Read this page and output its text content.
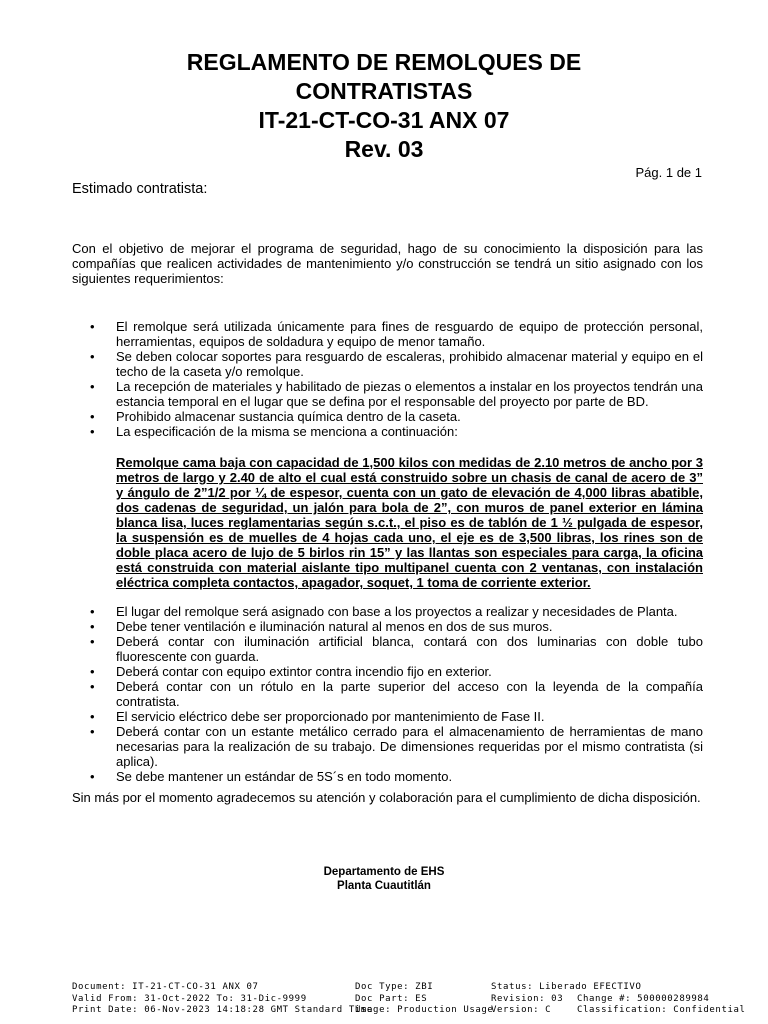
REGLAMENTO DE REMOLQUES DE
CONTRATISTAS
IT-21-CT-CO-31 ANX 07
Rev. 03
Pág. 1 de 1
Estimado contratista:

Con el objetivo de mejorar el programa de seguridad, hago de su conocimiento la disposición para las compañías que realicen actividades de mantenimiento y/o construcción se tendrá un sitio asignado con los siguientes requerimientos:

• El remolque será utilizada únicamente para fines de resguardo de equipo de protección personal, herramientas, equipos de soldadura y equipo de menor tamaño.
• Se deben colocar soportes para resguardo de escaleras, prohibido almacenar material y equipo en el techo de la caseta y/o remolque.
• La recepción de materiales y habilitado de piezas o elementos a instalar en los proyectos tendrán una estancia temporal en el lugar que se defina por el responsable del proyecto por parte de BD.
• Prohibido almacenar sustancia química dentro de la caseta.
• La especificación de la misma se menciona a continuación:

Remolque cama baja con capacidad de 1,500 kilos con medidas de 2.10 metros de ancho por 3 metros de largo y 2.40 de alto el cual está construido sobre un chasis de canal de acero de 3” y ángulo de 2”1/2 por ¼ de espesor, cuenta con un gato de elevación de 4,000 libras abatible, dos cadenas de seguridad, un jalón para bola de 2”, con muros de panel exterior en lámina blanca lisa, luces reglamentarias según s.c.t., el piso es de tablón de 1 ½ pulgada de espesor, la suspensión es de muelles de 4 hojas cada uno, el eje es de 3,500 libras, los rines son de doble placa acero de lujo de 5 birlos rin 15” y las llantas son especiales para carga, la oficina está construida con material aislante tipo multipanel cuenta con 2 ventanas, con instalación eléctrica completa contactos, apagador, soquet, 1 toma de corriente exterior.

• El lugar del remolque será asignado con base a los proyectos a realizar y necesidades de Planta.
• Debe tener ventilación e iluminación natural al menos en dos de sus muros.
• Deberá contar con iluminación artificial blanca, contará con dos luminarias con doble tubo fluorescente con guarda.
• Deberá contar con equipo extintor contra incendio fijo en exterior.
• Deberá contar con un rótulo en la parte superior del acceso con la leyenda de la compañía contratista.
• El servicio eléctrico debe ser proporcionado por mantenimiento de Fase II.
• Deberá contar con un estante metálico cerrado para el almacenamiento de herramientas de mano necesarias para la realización de su trabajo. De dimensiones requeridas por el mismo contratista (si aplica).
• Se debe mantener un estándar de 5S´s en todo momento.
Sin más por el momento agradecemos su atención y colaboración para el cumplimiento de dicha disposición.
Departamento de EHS
Planta Cuautitlán
Document: IT-21-CT-CO-31 ANX 07
Valid From: 31-Oct-2022 To: 31-Dic-9999
Print Date: 06-Nov-2023 14:18:28 GMT Standard Time
Doc Type: ZBI
Doc Part: ES
Usage: Production Usage
Status: Liberado EFECTIVO
Revision: 03
Version: C

Change #: 500000289984
Classification: Confidential
